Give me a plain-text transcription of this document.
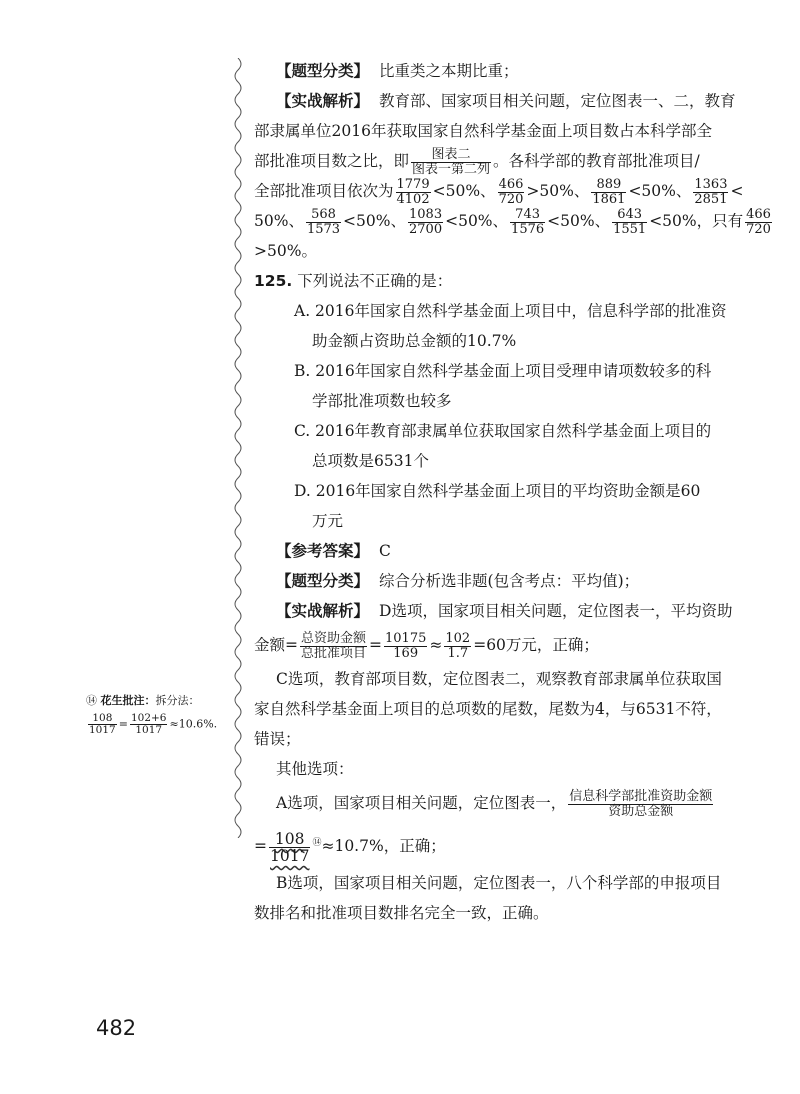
⑭ 花生批注：拆分法：
$\frac{108}{1017} = \frac{102+6}{1017} \approx 10.6\%$.
【题型分类】 比重类之本期比重；
【实战解析】 教育部、国家项目相关问题，定位图表一、二，教育
部隶属单位2016年获取国家自然科学基金面上项目数占本科学部全
部批准项目数之比，即 $\frac{\text{图表二}}{\text{图表一第二列}}$ 。各科学部的教育部批准项目/
全部批准项目依次为 $\frac{1779}{4102} <50\%$、 $\frac{466}{720} >50\%$、 $\frac{889}{1861} <50\%$、 $\frac{1363}{2851}$ <
50%、 $\frac{568}{1573} <50\%$、 $\frac{1083}{2700} <50\%$、 $\frac{743}{1576} <50\%$、 $\frac{643}{1551} <50\%$，只有 $\frac{466}{720}$
>50%。
125. 下列说法不正确的是：
A. 2016年国家自然科学基金面上项目中，信息科学部的批准资
助金额占资助总金额的10.7%
B. 2016年国家自然科学基金面上项目受理申请项数较多的科
学部批准项数也较多
C. 2016年教育部隶属单位获取国家自然科学基金面上项目的
总项数是6531个
D. 2016年国家自然科学基金面上项目的平均资助金额是60
万元
【参考答案】 C
【题型分类】 综合分析选非题(包含考点：平均值)；
【实战解析】 D选项，国家项目相关问题，定位图表一，平均资助
金额= $\frac{\text{总资助金额}}{\text{总批准项目}} = \frac{10175}{169} \approx \frac{102}{1.7} =60$万元，正确；
C选项，教育部项目数，定位图表二，观察教育部隶属单位获取国
家自然科学基金面上项目的总项数的尾数，尾数为4，与6531不符，
错误；
其他选项：
A选项，国家项目相关问题，定位图表一， $\frac{\text{信息科学部批准资助金额}}{\text{资助总金额}}$
= $\frac{108}{1017} ^⑭\approx 10.7\%$，正确；
B选项，国家项目相关问题，定位图表一，八个科学部的申报项目
数排名和批准项目数排名完全一致，正确。
482
